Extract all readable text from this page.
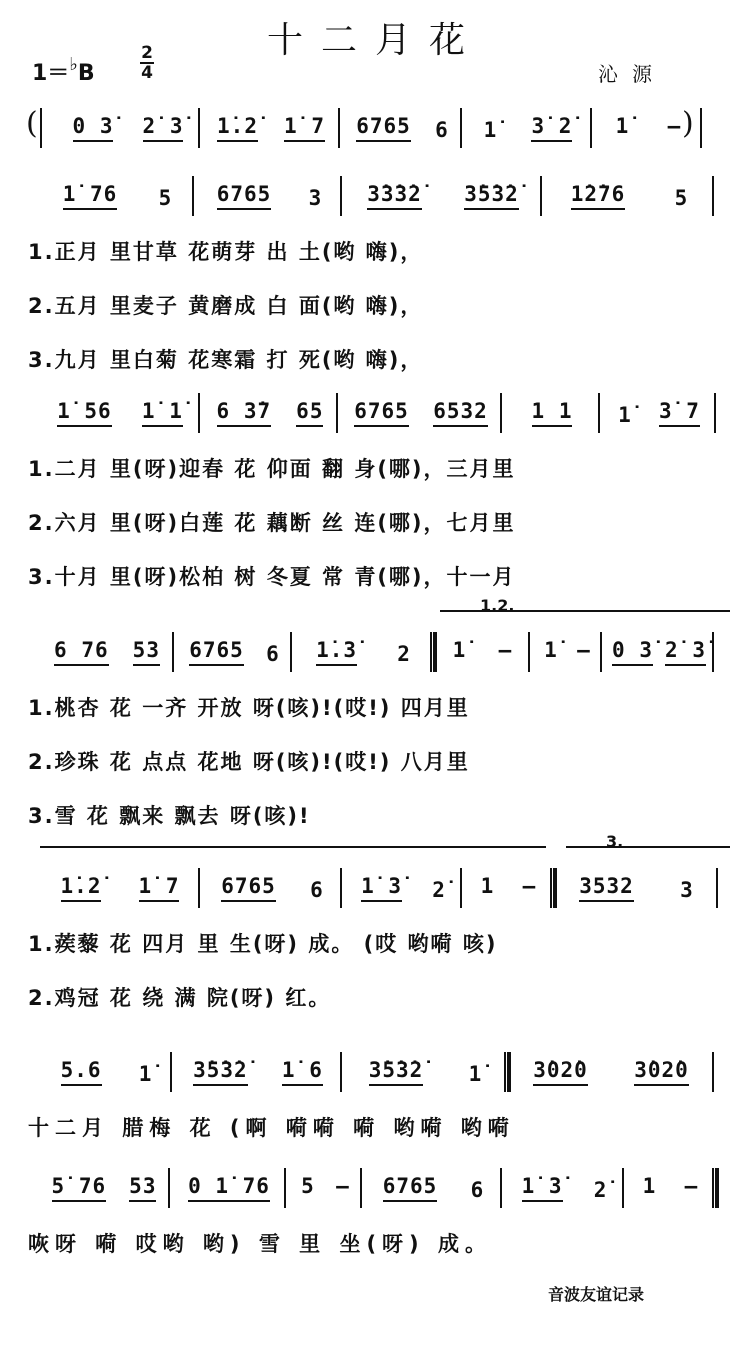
十二月花
1＝♭B
2
4	沁源
( 0 3̇ 2̇ 3̇ 1̇.2̇ 1̇ 7 6765 6 1̇ 3̇ 2̇ 1̇ — )
1̇ 76 5 6765 3 3̇3̇3̇2̇ 3̇5̇3̇2̇ 1̇2̇76 5
1.正月 里甘草 花萌芽 出 土(哟 嗨)，
2.五月 里麦子 黄磨成 白 面(哟 嗨)，
3.九月 里白菊 花寒霜 打 死(哟 嗨)，
1̇ 56 1̇ 1̇ 6 3̇7 65 6765 6532 1 1 1̇ 3̇ 7
1.二月 里(呀)迎春 花 仰面 翻 身(哪)，三月里
2.六月 里(呀)白莲 花 藕断 丝 连(哪)，七月里
3.十月 里(呀)松柏 树 冬夏 常 青(哪)，十一月
6 76 53 6765 6 1̇.3̇ 2 1̇ — 1̇ — 0 3̇ 2̇ 3̇
1.2.
1.桃杏 花 一齐 开放 呀(咳)!(哎!) 四月里
2.珍珠 花 点点 花地 呀(咳)!(哎!) 八月里
3.雪 花 飘来 飘去 呀(咳)!
1̇.2̇ 1̇ 7 6765 6 1̇ 3̇ 2̇ 1 — 3532 3
3.
1.蒺藜 花 四月 里 生(呀) 成。 (哎 哟嗬 咳)
2.鸡冠 花 绕 满 院(呀) 红。
5.6 1̇ 3̇5̇3̇2̇ 1̇ 6 3̇5̇3̇2̇ 1̇ 3̇02̇0 3̇02̇0
十二月 腊梅 花 (啊 嗬嗬 嗬 哟嗬 哟嗬
5̇ 76 53 0 1̇ 76 5 — 6765 6 1̇ 3̇ 2̇ 1 —
咴呀 嗬 哎哟 哟) 雪 里 坐(呀) 成。
音波友谊记录
